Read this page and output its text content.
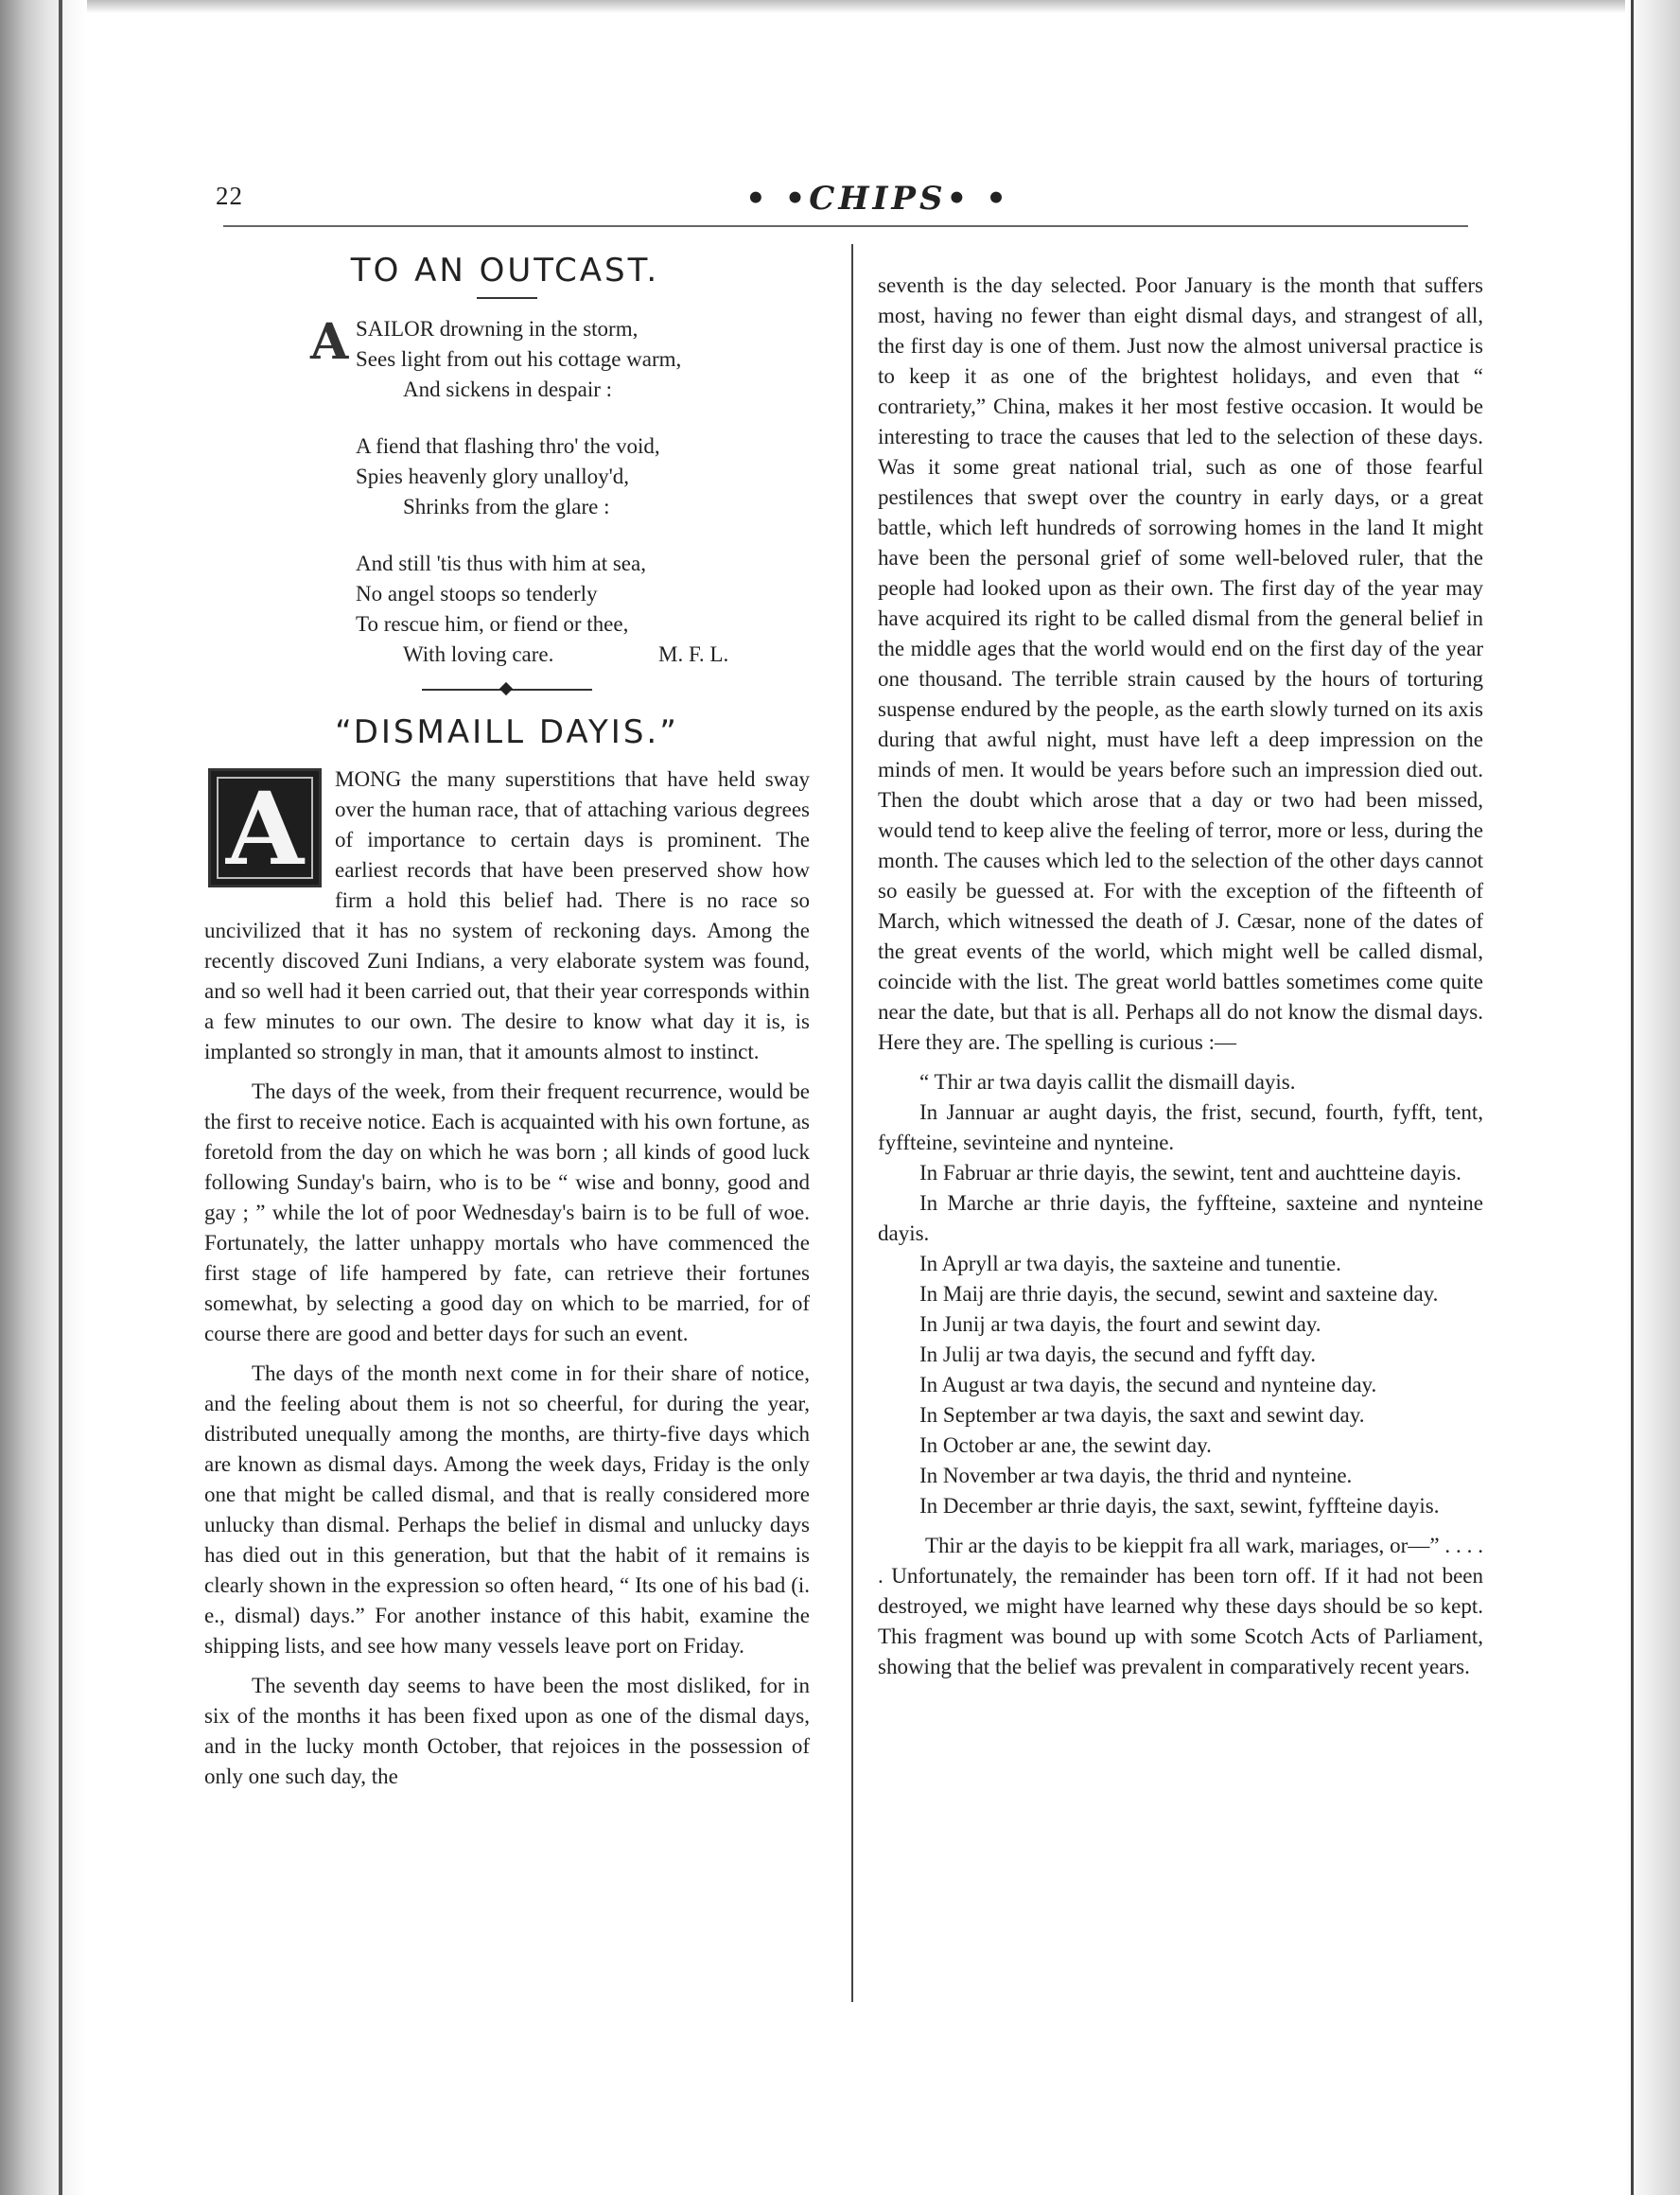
22	• •CHIPS• •
TO AN OUTCAST.
A SAILOR drowning in the storm,
Sees light from out his cottage warm,
And sickens in despair :
A fiend that flashing thro' the void,
Spies heavenly glory unalloy'd,
Shrinks from the glare :
And still 'tis thus with him at sea,
No angel stoops so tenderly
To rescue him, or fiend or thee,
With loving care.	M. F. L.
“DISMAILL DAYIS.”

A	MONG the many superstitions that have held sway over the human race, that of attaching various degrees of importance to certain days is prominent. The earliest records that have been preserved show how firm a hold this belief had. There is no race so uncivilized that it has no system of reckoning days. Among the recently discoved Zuni Indians, a very elaborate system was found, and so well had it been carried out, that their year corresponds within a few minutes to our own. The desire to know what day it is, is implanted so strongly in man, that it amounts almost to instinct.

The days of the week, from their frequent recurrence, would be the first to receive notice. Each is acquainted with his own fortune, as foretold from the day on which he was born ; all kinds of good luck following Sunday's bairn, who is to be “ wise and bonny, good and gay ; ” while the lot of poor Wednesday's bairn is to be full of woe. Fortunately, the latter unhappy mortals who have commenced the first stage of life hampered by fate, can retrieve their fortunes somewhat, by selecting a good day on which to be married, for of course there are good and better days for such an event.

The days of the month next come in for their share of notice, and the feeling about them is not so cheerful, for during the year, distributed unequally among the months, are thirty-five days which are known as dismal days. Among the week days, Friday is the only one that might be called dismal, and that is really considered more unlucky than dismal. Perhaps the belief in dismal and unlucky days has died out in this generation, but that the habit of it remains is clearly shown in the expression so often heard, “ Its one of his bad (i. e., dismal) days.” For another instance of this habit, examine the shipping lists, and see how many vessels leave port on Friday.

The seventh day seems to have been the most disliked, for in six of the months it has been fixed upon as one of the dismal days, and in the lucky month October, that rejoices in the possession of only one such day, the

seventh is the day selected. Poor January is the month that suffers most, having no fewer than eight dismal days, and strangest of all, the first day is one of them. Just now the almost universal practice is to keep it as one of the brightest holidays, and even that “ contrariety,” China, makes it her most festive occasion. It would be interesting to trace the causes that led to the selection of these days. Was it some great national trial, such as one of those fearful pestilences that swept over the country in early days, or a great battle, which left hundreds of sorrowing homes in the land It might have been the personal grief of some well-beloved ruler, that the people had looked upon as their own. The first day of the year may have acquired its right to be called dismal from the general belief in the middle ages that the world would end on the first day of the year one thousand. The terrible strain caused by the hours of torturing suspense endured by the people, as the earth slowly turned on its axis during that awful night, must have left a deep impression on the minds of men. It would be years before such an impression died out. Then the doubt which arose that a day or two had been missed, would tend to keep alive the feeling of terror, more or less, during the month. The causes which led to the selection of the other days cannot so easily be guessed at. For with the exception of the fifteenth of March, which witnessed the death of J. Cæsar, none of the dates of the great events of the world, which might well be called dismal, coincide with the list. The great world battles sometimes come quite near the date, but that is all. Perhaps all do not know the dismal days. Here they are. The spelling is curious :—

“ Thir ar twa dayis callit the dismaill dayis.

In Jannuar ar aught dayis, the frist, secund, fourth, fyfft, tent, fyffteine, sevinteine and nynteine.

In Fabruar ar thrie dayis, the sewint, tent and auchtteine dayis.

In Marche ar thrie dayis, the fyffteine, saxteine and nynteine dayis.

In Apryll ar twa dayis, the saxteine and tunentie.

In Maij are thrie dayis, the secund, sewint and saxteine day.

In Junij ar twa dayis, the fourt and sewint day.

In Julij ar twa dayis, the secund and fyfft day.

In August ar twa dayis, the secund and nynteine day.

In September ar twa dayis, the saxt and sewint day.

In October ar ane, the sewint day.

In November ar twa dayis, the thrid and nynteine.

In December ar thrie dayis, the saxt, sewint, fyffteine dayis.

Thir ar the dayis to be kieppit fra all wark, mariages, or—” . . . . . Unfortunately, the remainder has been torn off. If it had not been destroyed, we might have learned why these days should be so kept. This fragment was bound up with some Scotch Acts of Parliament, showing that the belief was prevalent in comparatively recent years.
